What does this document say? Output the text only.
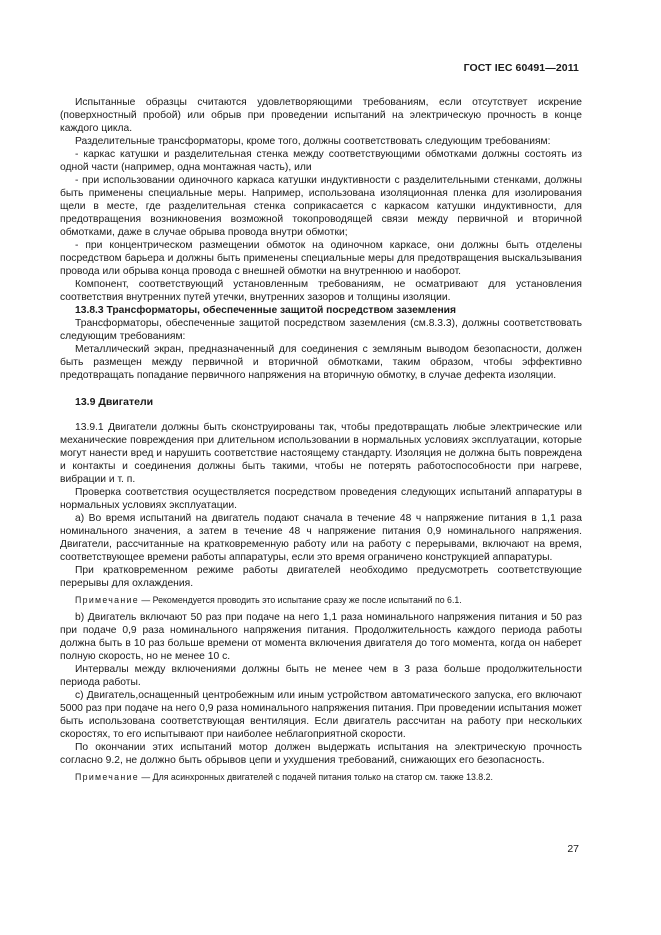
ГОСТ IEC 60491—2011

Испытанные образцы считаются удовлетворяющими требованиям, если отсутствует искрение (поверхностный пробой) или обрыв при проведении испытаний на электрическую прочность в конце каждого цикла.

Разделительные трансформаторы, кроме того, должны соответствовать следующим требованиям:

- каркас катушки и разделительная стенка между соответствующими обмотками должны состоять из одной части (например, одна монтажная часть), или

- при использовании одиночного каркаса катушки индуктивности с разделительными стенками, должны быть применены специальные меры. Например, использована изоляционная пленка для изолирования щели в месте, где разделительная стенка соприкасается с каркасом катушки индуктивности, для предотвращения возникновения возможной токопроводящей связи между первичной и вторичной обмотками, даже в случае обрыва провода внутри обмотки;

- при концентрическом размещении обмоток на одиночном каркасе, они должны быть отделены посредством барьера и должны быть применены специальные меры для предотвращения выскальзывания провода или обрыва конца провода с внешней обмотки на внутреннюю и наоборот.

Компонент, соответствующий установленным требованиям, не осматривают для установления соответствия внутренних путей утечки, внутренних зазоров и толщины изоляции.

13.8.3 Трансформаторы, обеспеченные защитой посредством заземления

Трансформаторы, обеспеченные защитой посредством заземления (см.8.3.3), должны соответствовать следующим требованиям:

Металлический экран, предназначенный для соединения с земляным выводом безопасности, должен быть размещен между первичной и вторичной обмотками, таким образом, чтобы эффективно предотвращать попадание первичного напряжения на вторичную обмотку, в случае дефекта изоляции.

13.9 Двигатели

13.9.1 Двигатели должны быть сконструированы так, чтобы предотвращать любые электрические или механические повреждения при длительном использовании в нормальных условиях эксплуатации, которые могут нанести вред и нарушить соответствие настоящему стандарту. Изоляция не должна быть повреждена и контакты и соединения должны быть такими, чтобы не потерять работоспособности при нагреве, вибрации и т. п.

Проверка соответствия осуществляется посредством проведения следующих испытаний аппаратуры в нормальных условиях эксплуатации.

а) Во время испытаний на двигатель подают сначала в течение 48 ч напряжение питания в 1,1 раза номинального значения, а затем в течение 48 ч напряжение питания 0,9 номинального напряжения. Двигатели, рассчитанные на кратковременную работу или на работу с перерывами, включают на время, соответствующее времени работы аппаратуры, если это время ограничено конструкцией аппаратуры.

При кратковременном режиме работы двигателей необходимо предусмотреть соответствующие перерывы для охлаждения.

Примечание — Рекомендуется проводить это испытание сразу же после испытаний по 6.1.

b) Двигатель включают 50 раз при подаче на него 1,1 раза номинального напряжения питания и 50 раз при подаче 0,9 раза номинального напряжения питания. Продолжительность каждого периода работы должна быть в 10 раз больше времени от момента включения двигателя до того момента, когда он наберет полную скорость, но не менее 10 с.

Интервалы между включениями должны быть не менее чем в 3 раза больше продолжительности периода работы.

с) Двигатель,оснащенный центробежным или иным устройством автоматического запуска, его включают 5000 раз при подаче на него 0,9 раза номинального напряжения питания. При проведении испытания может быть использована соответствующая вентиляция. Если двигатель рассчитан на работу при нескольких скоростях, то его испытывают при наиболее неблагоприятной скорости.

По окончании этих испытаний мотор должен выдержать испытания на электрическую прочность согласно 9.2, не должно быть обрывов цепи и ухудшения требований, снижающих его безопасность.

Примечание — Для асинхронных двигателей с подачей питания только на статор см. также 13.8.2.

27
